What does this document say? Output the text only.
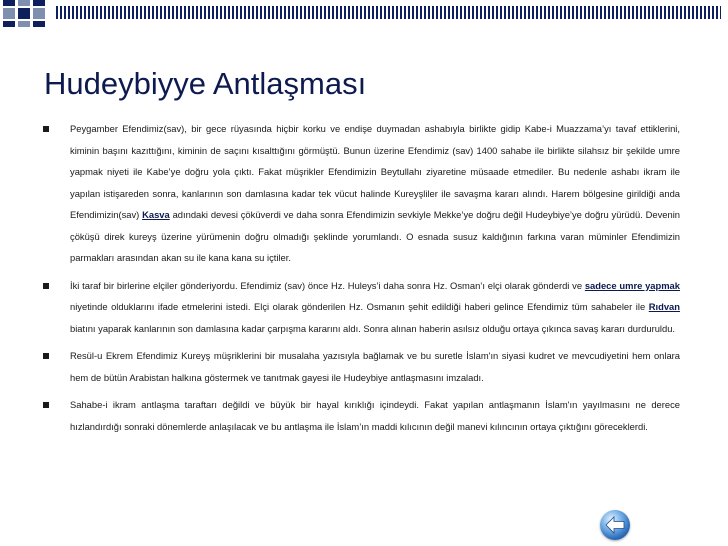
Hudeybiyye Antlaşması

Peygamber Efendimiz(sav), bir gece rüyasında hiçbir korku ve endişe duymadan ashabıyla birlikte gidip Kabe-i Muazzama’yı tavaf ettiklerini, kiminin başını kazıttığını, kiminin de saçını kısalttığını görmüştü. Bunun üzerine Efendimiz (sav) 1400 sahabe ile birlikte silahsız bir şekilde umre yapmak niyeti ile Kabe’ye doğru yola çıktı. Fakat müşrikler Efendimizin Beytullahı ziyaretine müsaade etmediler. Bu nedenle ashabı ikram ile yapılan istişareden sonra, kanlarının son damlasına kadar tek vücut halinde Kureyşliler ile savaşma kararı alındı. Harem bölgesine girildiği anda Efendimizin(sav) Kasva adındaki devesi çöküverdi ve daha sonra Efendimizin sevkiyle Mekke’ye doğru değil Hudeybiye’ye doğru yürüdü. Devenin çöküşü direk kureyş üzerine yürümenin doğru olmadığı şeklinde yorumlandı. O esnada susuz kaldığının farkına varan müminler Efendimizin parmakları arasından akan su ile kana kana su içtiler.

İki taraf bir birlerine elçiler gönderiyordu. Efendimiz (sav) önce Hz. Huleys’i daha sonra Hz. Osman’ı elçi olarak gönderdi ve sadece umre yapmak niyetinde olduklarını ifade etmelerini istedi. Elçi olarak gönderilen Hz. Osmanın şehit edildiği haberi gelince Efendimiz tüm sahabeler ile Rıdvan biatını yaparak kanlarının son damlasına kadar çarpışma kararını aldı. Sonra alınan haberin asılsız olduğu ortaya çıkınca savaş kararı durduruldu.

Resül-u Ekrem Efendimiz Kureyş müşriklerini bir musalaha yazısıyla bağlamak ve bu suretle İslam'ın siyasi kudret ve mevcudiyetini hem onlara hem de bütün Arabistan halkına göstermek ve tanıtmak gayesi ile Hudeybiye antlaşmasını imzaladı.

Sahabe-i ikram antlaşma taraftarı değildi ve büyük bir hayal kırıklığı içindeydi. Fakat yapılan antlaşmanın İslam'ın yayılmasını ne derece hızlandırdığı sonraki dönemlerde anlaşılacak ve bu antlaşma ile İslam’ın maddi kılıcının değil manevi kılıncının ortaya çıktığını göreceklerdi.
